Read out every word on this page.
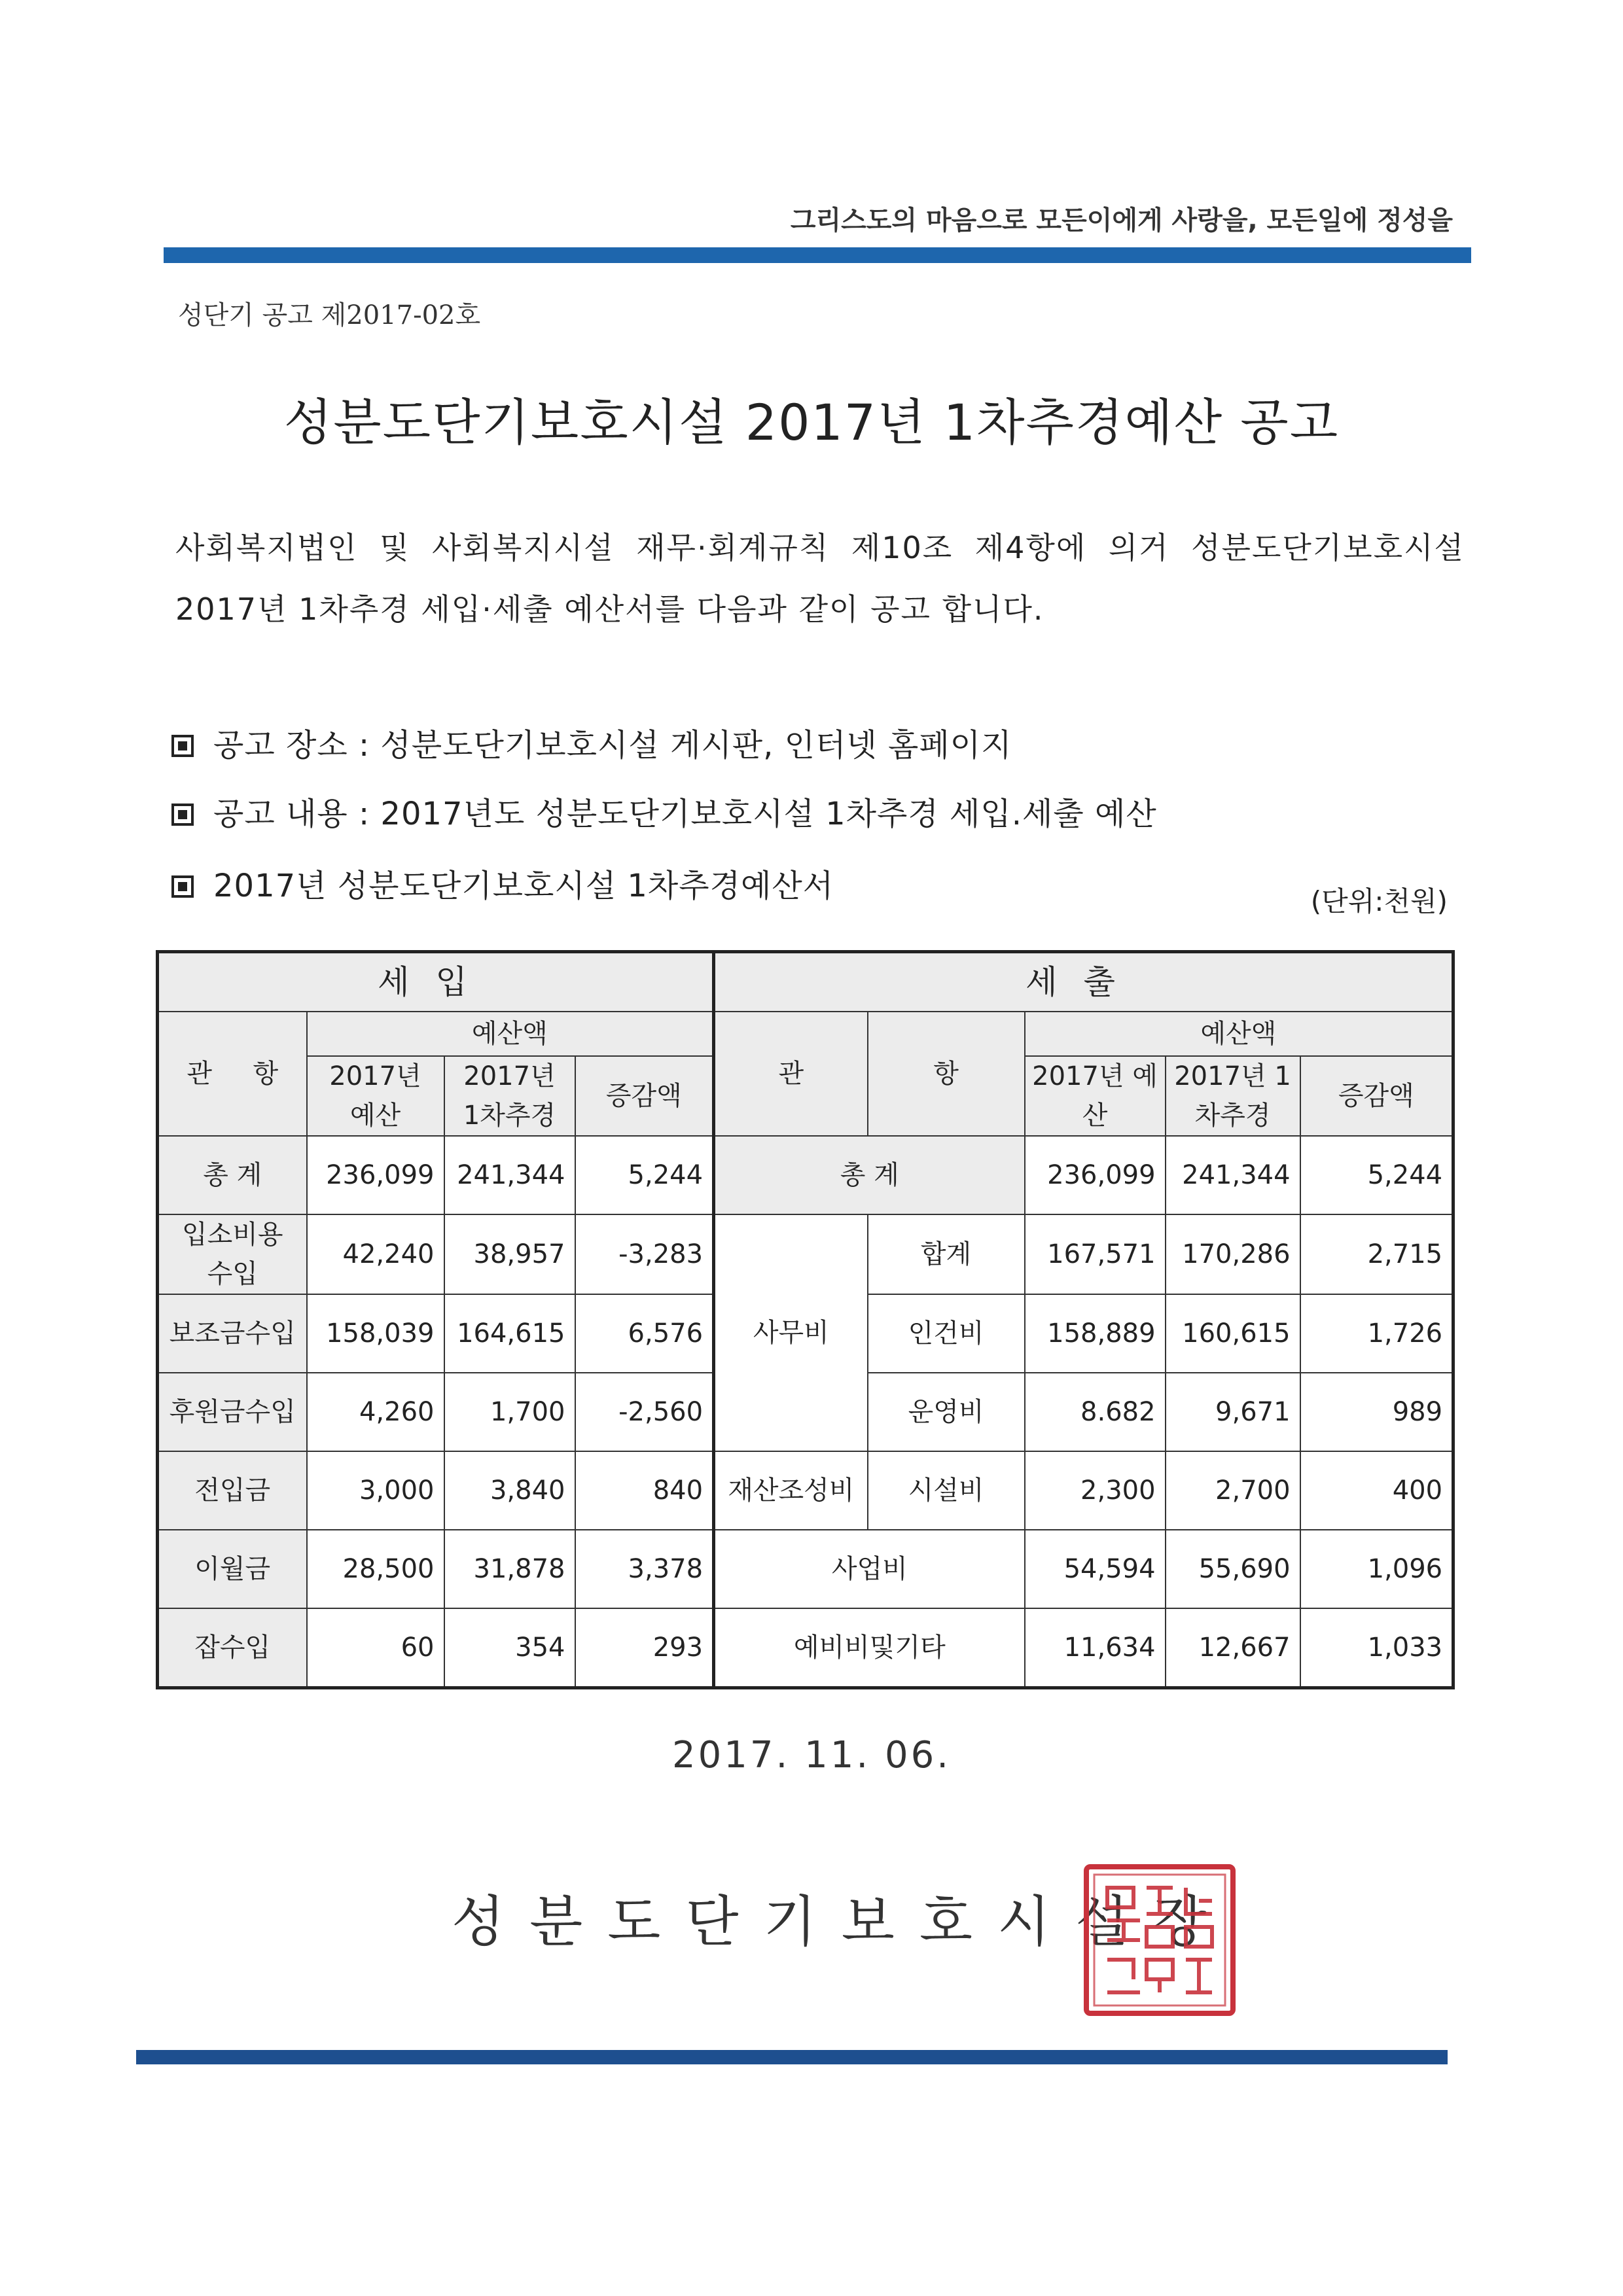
그리스도의 마음으로 모든이에게 사랑을, 모든일에 정성을
성단기 공고 제2017-02호
성분도단기보호시설 2017년 1차추경예산 공고
사회복지법인 및 사회복지시설 재무·회계규칙 제10조 제4항에 의거 성분도단기보호시설 2017년 1차추경 세입·세출 예산서를 다음과 같이 공고 합니다.
공고 장소 : 성분도단기보호시설 게시판, 인터넷 홈페이지
공고 내용 : 2017년도 성분도단기보호시설 1차추경 세입.세출 예산
2017년 성분도단기보호시설 1차추경예산서	(단위:천원)
세입				세출				
관 항	예산액			관	항	예산액		
	2017년 예산	2017년 1차추경	증감액			2017년 예산	2017년 1차추경	증감액
총 계	236,099	241,344	5,244	총 계		236,099	241,344	5,244
입소비용 수입	42,240	38,957	-3,283	사무비	합계	167,571	170,286	2,715
보조금수입	158,039	164,615	6,576		인건비	158,889	160,615	1,726
후원금수입	4,260	1,700	-2,560		운영비	8.682	9,671	989
전입금	3,000	3,840	840	재산조성비	시설비	2,300	2,700	400
이월금	28,500	31,878	3,378	사업비		54,594	55,690	1,096
잡수입	60	354	293	예비비및기타		11,634	12,667	1,033
2017. 11. 06.
성분도단기보호시설장
